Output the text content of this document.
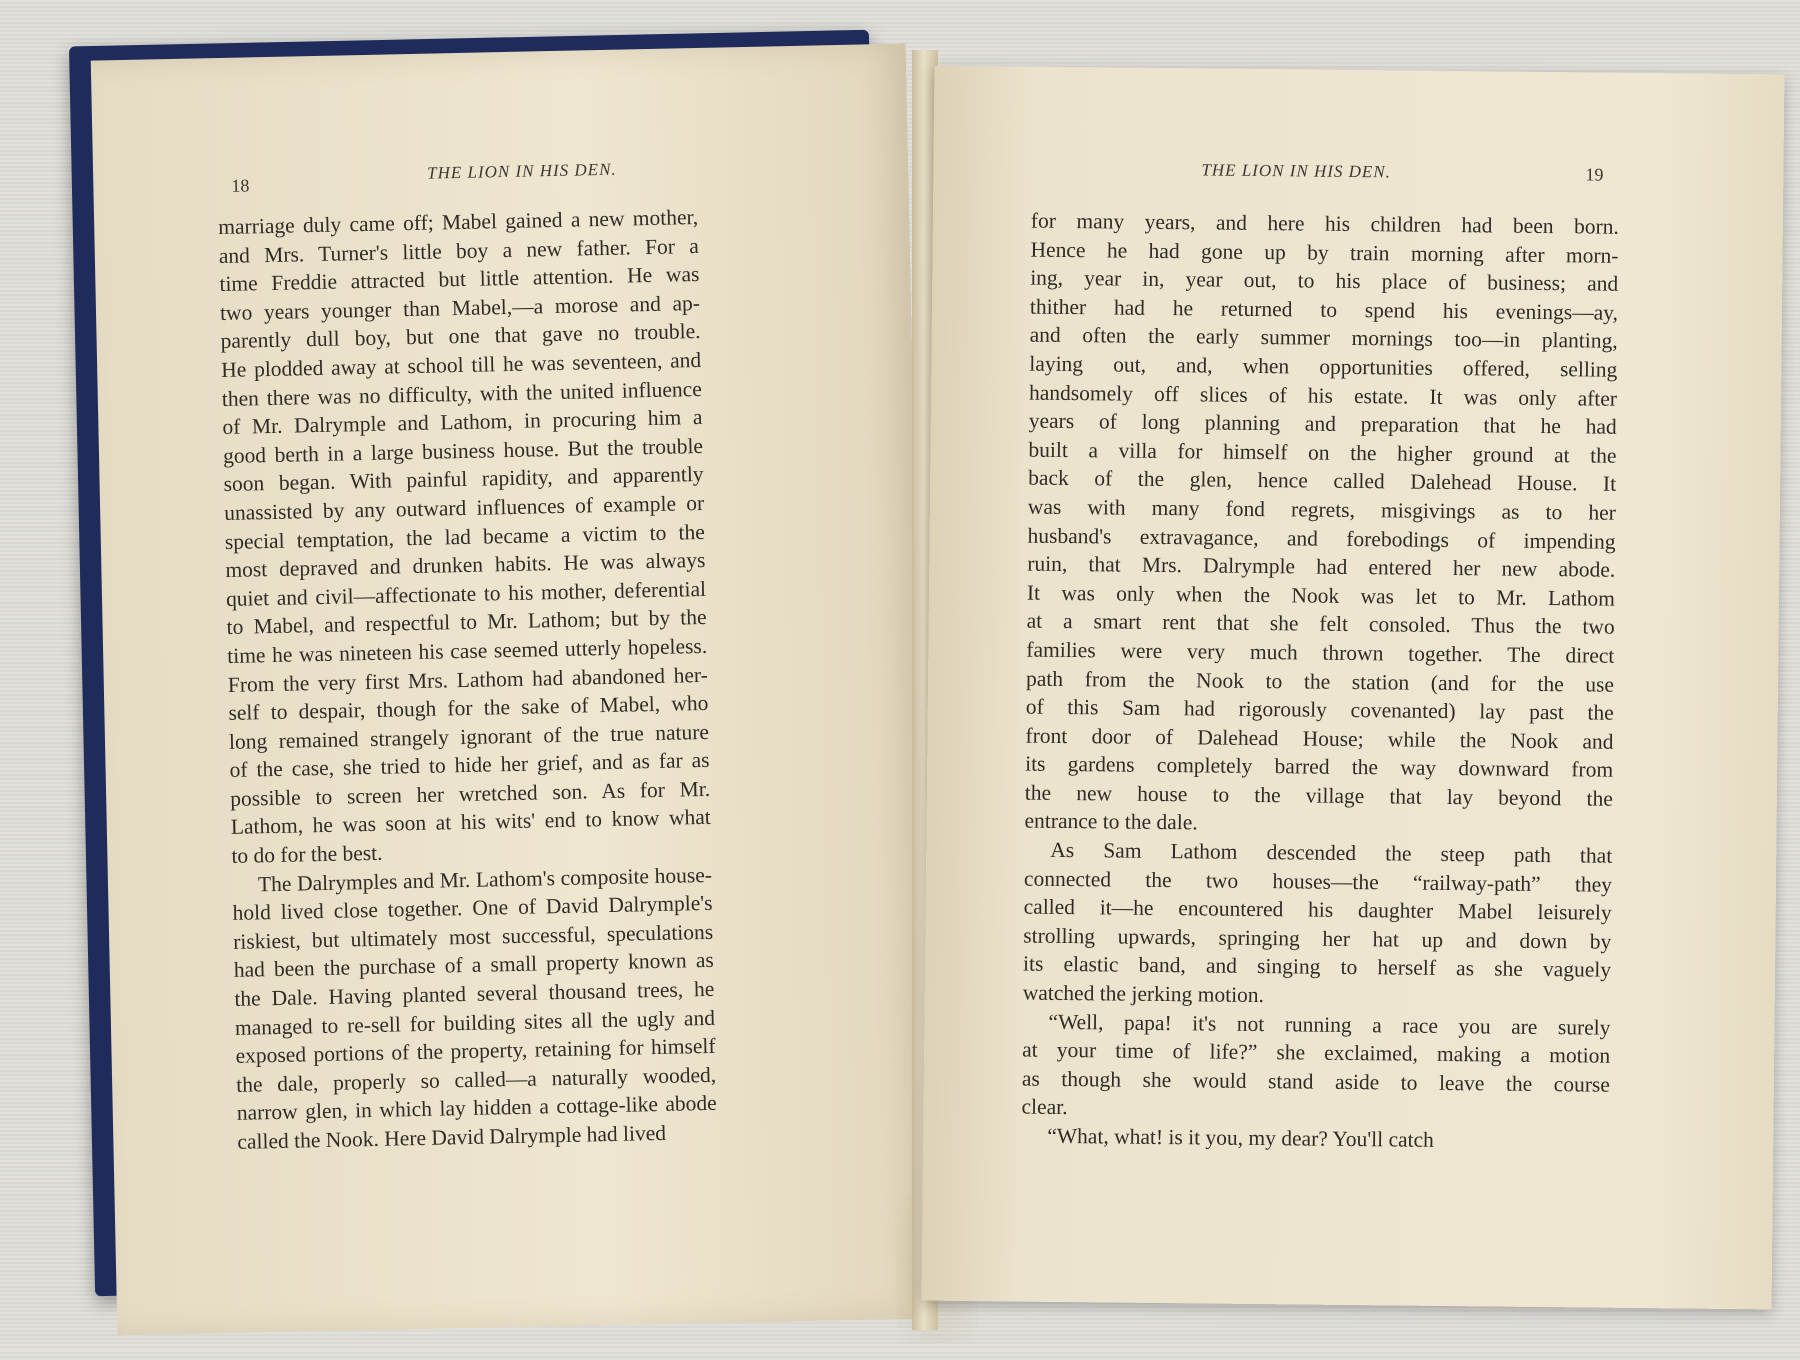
18
THE LION IN HIS DEN.
marriage duly came off; Mabel gained a new mother,
and Mrs. Turner's little boy a new father. For a
time Freddie attracted but little attention. He was
two years younger than Mabel,—a morose and ap-
parently dull boy, but one that gave no trouble.
He plodded away at school till he was seventeen, and
then there was no difficulty, with the united influence
of Mr. Dalrymple and Lathom, in procuring him a
good berth in a large business house. But the trouble
soon began. With painful rapidity, and apparently
unassisted by any outward influences of example or
special temptation, the lad became a victim to the
most depraved and drunken habits. He was always
quiet and civil—affectionate to his mother, deferential
to Mabel, and respectful to Mr. Lathom; but by the
time he was nineteen his case seemed utterly hopeless.
From the very first Mrs. Lathom had abandoned her-
self to despair, though for the sake of Mabel, who
long remained strangely ignorant of the true nature
of the case, she tried to hide her grief, and as far as
possible to screen her wretched son. As for Mr.
Lathom, he was soon at his wits' end to know what
to do for the best.
The Dalrymples and Mr. Lathom's composite house-
hold lived close together. One of David Dalrymple's
riskiest, but ultimately most successful, speculations
had been the purchase of a small property known as
the Dale. Having planted several thousand trees, he
managed to re-sell for building sites all the ugly and
exposed portions of the property, retaining for himself
the dale, properly so called—a naturally wooded,
narrow glen, in which lay hidden a cottage-like abode
called the Nook. Here David Dalrymple had lived
THE LION IN HIS DEN.	19
for many years, and here his children had been born.
Hence he had gone up by train morning after morn-
ing, year in, year out, to his place of business; and
thither had he returned to spend his evenings—ay,
and often the early summer mornings too—in planting,
laying out, and, when opportunities offered, selling
handsomely off slices of his estate. It was only after
years of long planning and preparation that he had
built a villa for himself on the higher ground at the
back of the glen, hence called Dalehead House. It
was with many fond regrets, misgivings as to her
husband's extravagance, and forebodings of impending
ruin, that Mrs. Dalrymple had entered her new abode.
It was only when the Nook was let to Mr. Lathom
at a smart rent that she felt consoled. Thus the two
families were very much thrown together. The direct
path from the Nook to the station (and for the use
of this Sam had rigorously covenanted) lay past the
front door of Dalehead House; while the Nook and
its gardens completely barred the way downward from
the new house to the village that lay beyond the
entrance to the dale.
As Sam Lathom descended the steep path that
connected the two houses—the “railway-path” they
called it—he encountered his daughter Mabel leisurely
strolling upwards, springing her hat up and down by
its elastic band, and singing to herself as she vaguely
watched the jerking motion.
“Well, papa! it's not running a race you are surely
at your time of life?” she exclaimed, making a motion
as though she would stand aside to leave the course
clear.
“What, what! is it you, my dear? You'll catch
